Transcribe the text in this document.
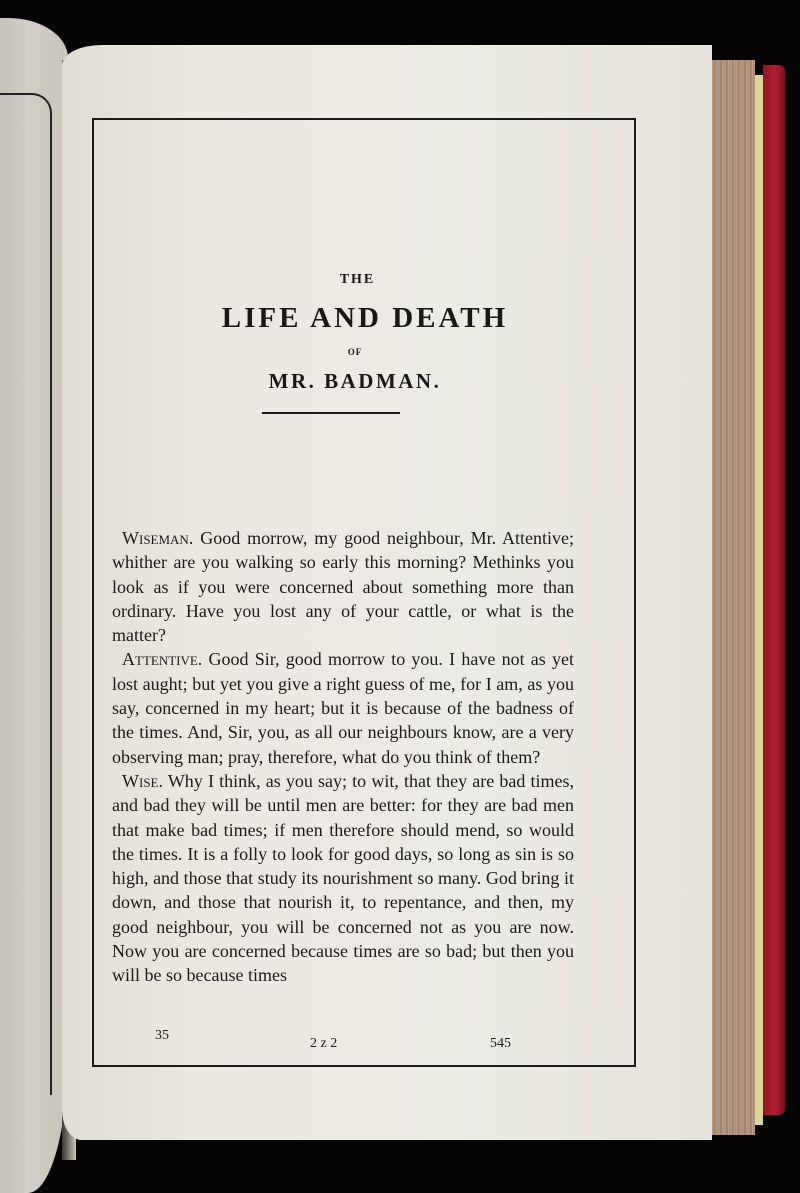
THE
LIFE AND DEATH
OF
MR. BADMAN.

Wiseman. Good morrow, my good neighbour, Mr. Attentive; whither are you walking so early this morning? Methinks you look as if you were concerned about something more than ordinary. Have you lost any of your cattle, or what is the matter?

Attentive. Good Sir, good morrow to you. I have not as yet lost aught; but yet you give a right guess of me, for I am, as you say, concerned in my heart; but it is because of the badness of the times. And, Sir, you, as all our neighbours know, are a very observing man; pray, therefore, what do you think of them?

Wise. Why I think, as you say; to wit, that they are bad times, and bad they will be until men are better: for they are bad men that make bad times; if men therefore should mend, so would the times. It is a folly to look for good days, so long as sin is so high, and those that study its nourishment so many. God bring it down, and those that nourish it, to repentance, and then, my good neighbour, you will be concerned not as you are now. Now you are concerned because times are so bad; but then you will be so because times

35
2 z 2	545
